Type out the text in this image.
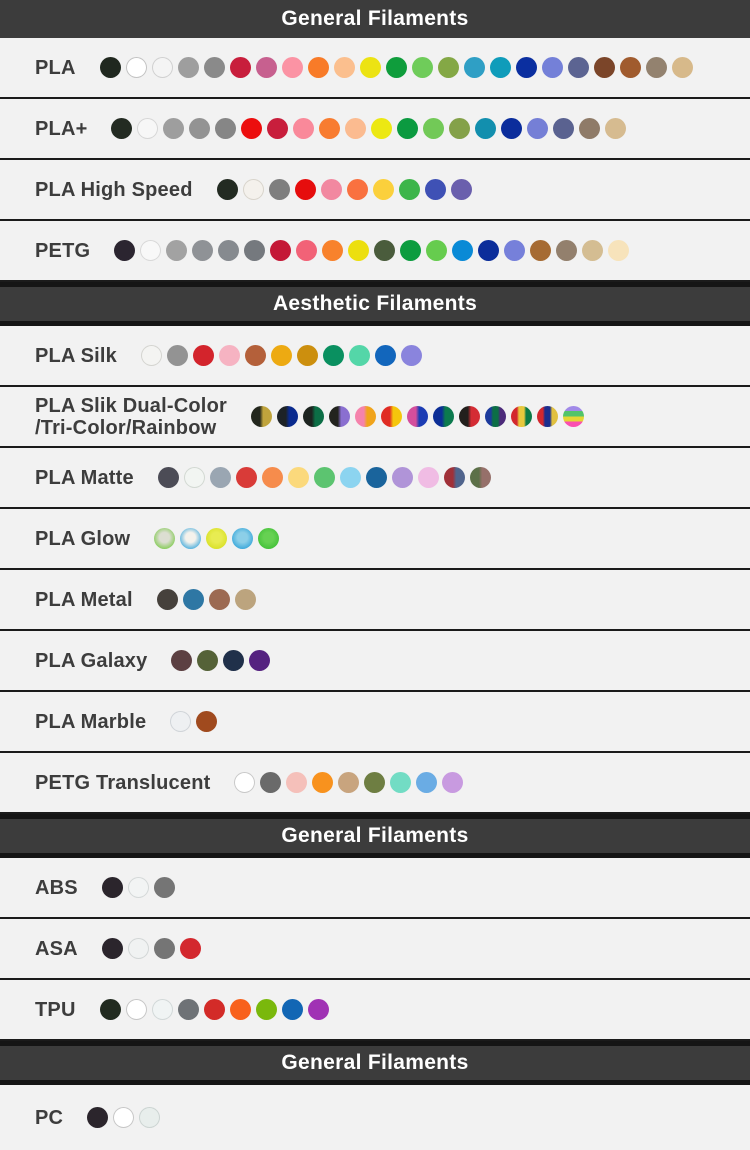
General Filaments
PLA
PLA+
PLA High Speed
PETG
Aesthetic Filaments
PLA Silk
PLA Slik Dual-Color
/Tri-Color/Rainbow
PLA Matte
PLA Glow
PLA Metal
PLA Galaxy
PLA Marble
PETG Translucent
General Filaments
ABS
ASA
TPU
General Filaments
PC
